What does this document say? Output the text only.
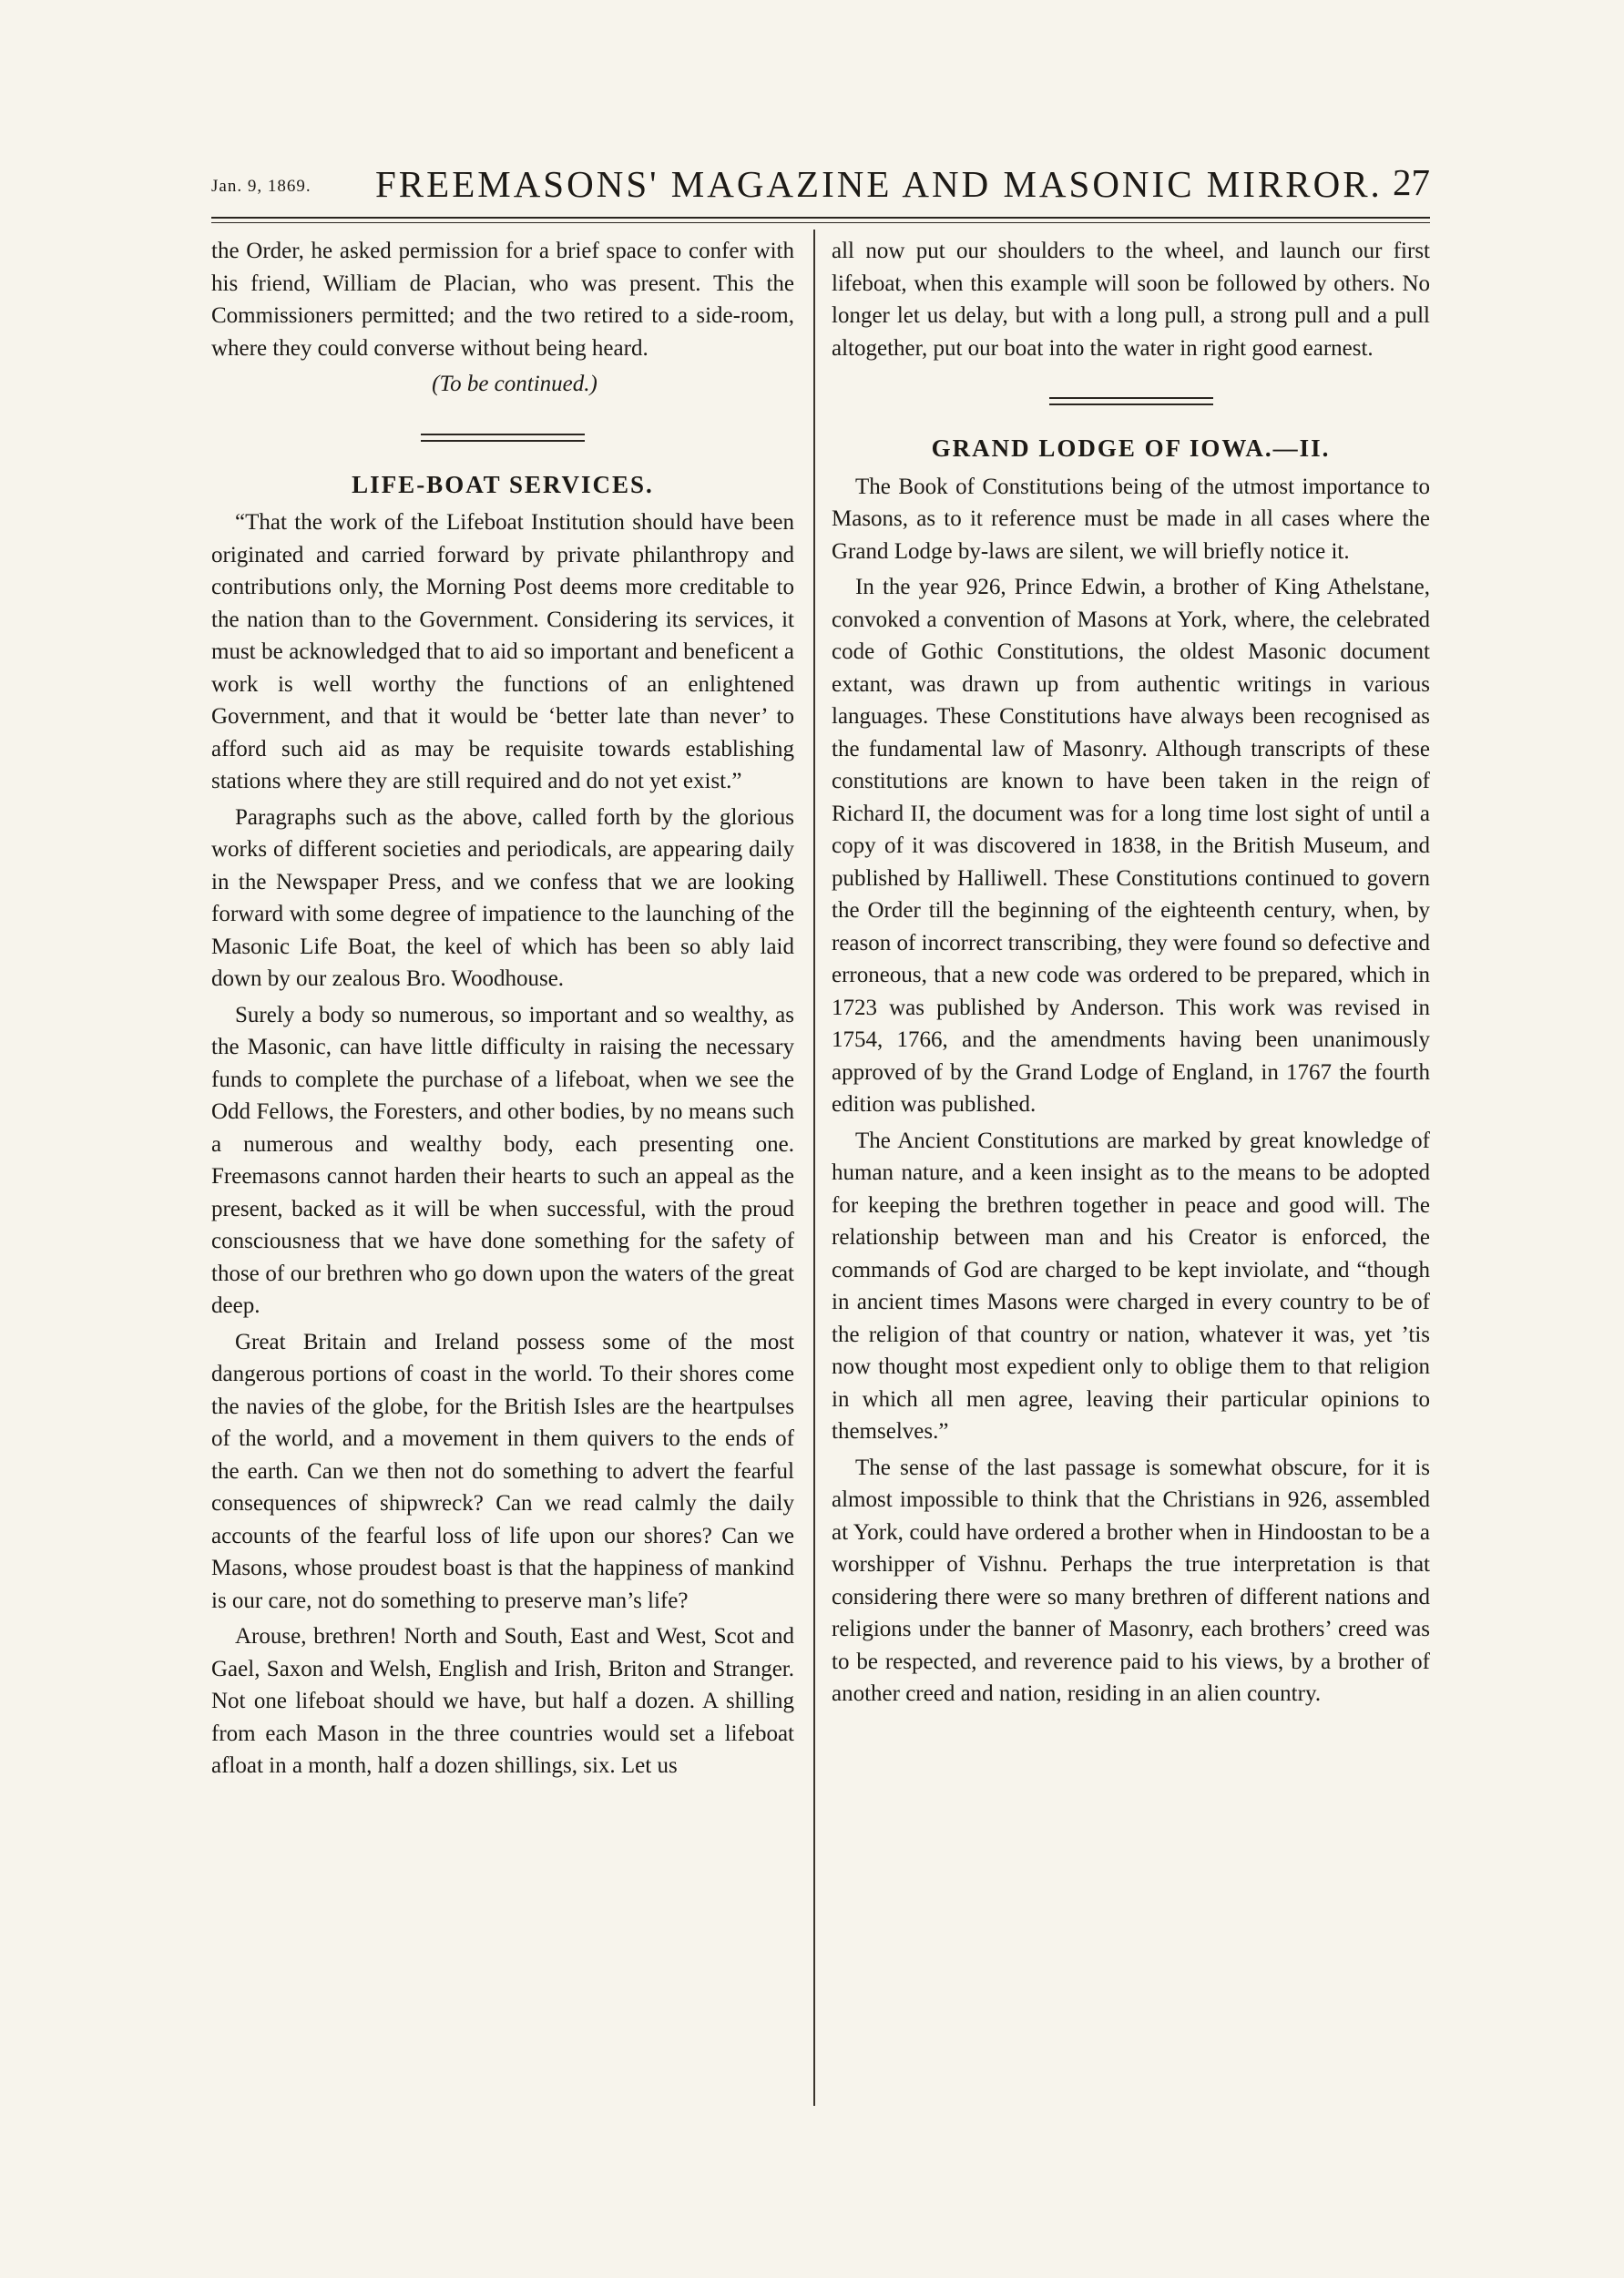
Jan. 9, 1869. FREEMASONS' MAGAZINE AND MASONIC MIRROR. 27

the Order, he asked permission for a brief space to confer with his friend, William de Placian, who was present. This the Commissioners permitted; and the two retired to a side-room, where they could converse without being heard.

(To be continued.)

LIFE-BOAT SERVICES.

“That the work of the Lifeboat Institution should have been originated and carried forward by private philanthropy and contributions only, the Morning Post deems more creditable to the nation than to the Government. Considering its services, it must be acknowledged that to aid so important and beneficent a work is well worthy the functions of an enlightened Government, and that it would be ‘better late than never’ to afford such aid as may be requisite towards establishing stations where they are still required and do not yet exist.”

Paragraphs such as the above, called forth by the glorious works of different societies and periodicals, are appearing daily in the Newspaper Press, and we confess that we are looking forward with some degree of impatience to the launching of the Masonic Life Boat, the keel of which has been so ably laid down by our zealous Bro. Woodhouse.

Surely a body so numerous, so important and so wealthy, as the Masonic, can have little difficulty in raising the necessary funds to complete the purchase of a lifeboat, when we see the Odd Fellows, the Foresters, and other bodies, by no means such a numerous and wealthy body, each presenting one. Freemasons cannot harden their hearts to such an appeal as the present, backed as it will be when successful, with the proud consciousness that we have done something for the safety of those of our brethren who go down upon the waters of the great deep.

Great Britain and Ireland possess some of the most dangerous portions of coast in the world. To their shores come the navies of the globe, for the British Isles are the heartpulses of the world, and a movement in them quivers to the ends of the earth. Can we then not do something to advert the fearful consequences of shipwreck? Can we read calmly the daily accounts of the fearful loss of life upon our shores? Can we Masons, whose proudest boast is that the happiness of mankind is our care, not do something to preserve man’s life?

Arouse, brethren! North and South, East and West, Scot and Gael, Saxon and Welsh, English and Irish, Briton and Stranger. Not one lifeboat should we have, but half a dozen. A shilling from each Mason in the three countries would set a lifeboat afloat in a month, half a dozen shillings, six. Let us

all now put our shoulders to the wheel, and launch our first lifeboat, when this example will soon be followed by others. No longer let us delay, but with a long pull, a strong pull and a pull altogether, put our boat into the water in right good earnest.

GRAND LODGE OF IOWA.—II.

The Book of Constitutions being of the utmost importance to Masons, as to it reference must be made in all cases where the Grand Lodge by-laws are silent, we will briefly notice it.

In the year 926, Prince Edwin, a brother of King Athelstane, convoked a convention of Masons at York, where, the celebrated code of Gothic Constitutions, the oldest Masonic document extant, was drawn up from authentic writings in various languages. These Constitutions have always been recognised as the fundamental law of Masonry. Although transcripts of these constitutions are known to have been taken in the reign of Richard II, the document was for a long time lost sight of until a copy of it was discovered in 1838, in the British Museum, and published by Halliwell. These Constitutions continued to govern the Order till the beginning of the eighteenth century, when, by reason of incorrect transcribing, they were found so defective and erroneous, that a new code was ordered to be prepared, which in 1723 was published by Anderson. This work was revised in 1754, 1766, and the amendments having been unanimously approved of by the Grand Lodge of England, in 1767 the fourth edition was published.

The Ancient Constitutions are marked by great knowledge of human nature, and a keen insight as to the means to be adopted for keeping the brethren together in peace and good will. The relationship between man and his Creator is enforced, the commands of God are charged to be kept inviolate, and “though in ancient times Masons were charged in every country to be of the religion of that country or nation, whatever it was, yet ’tis now thought most expedient only to oblige them to that religion in which all men agree, leaving their particular opinions to themselves.”

The sense of the last passage is somewhat obscure, for it is almost impossible to think that the Christians in 926, assembled at York, could have ordered a brother when in Hindoostan to be a worshipper of Vishnu. Perhaps the true interpretation is that considering there were so many brethren of different nations and religions under the banner of Masonry, each brothers’ creed was to be respected, and reverence paid to his views, by a brother of another creed and nation, residing in an alien country.
